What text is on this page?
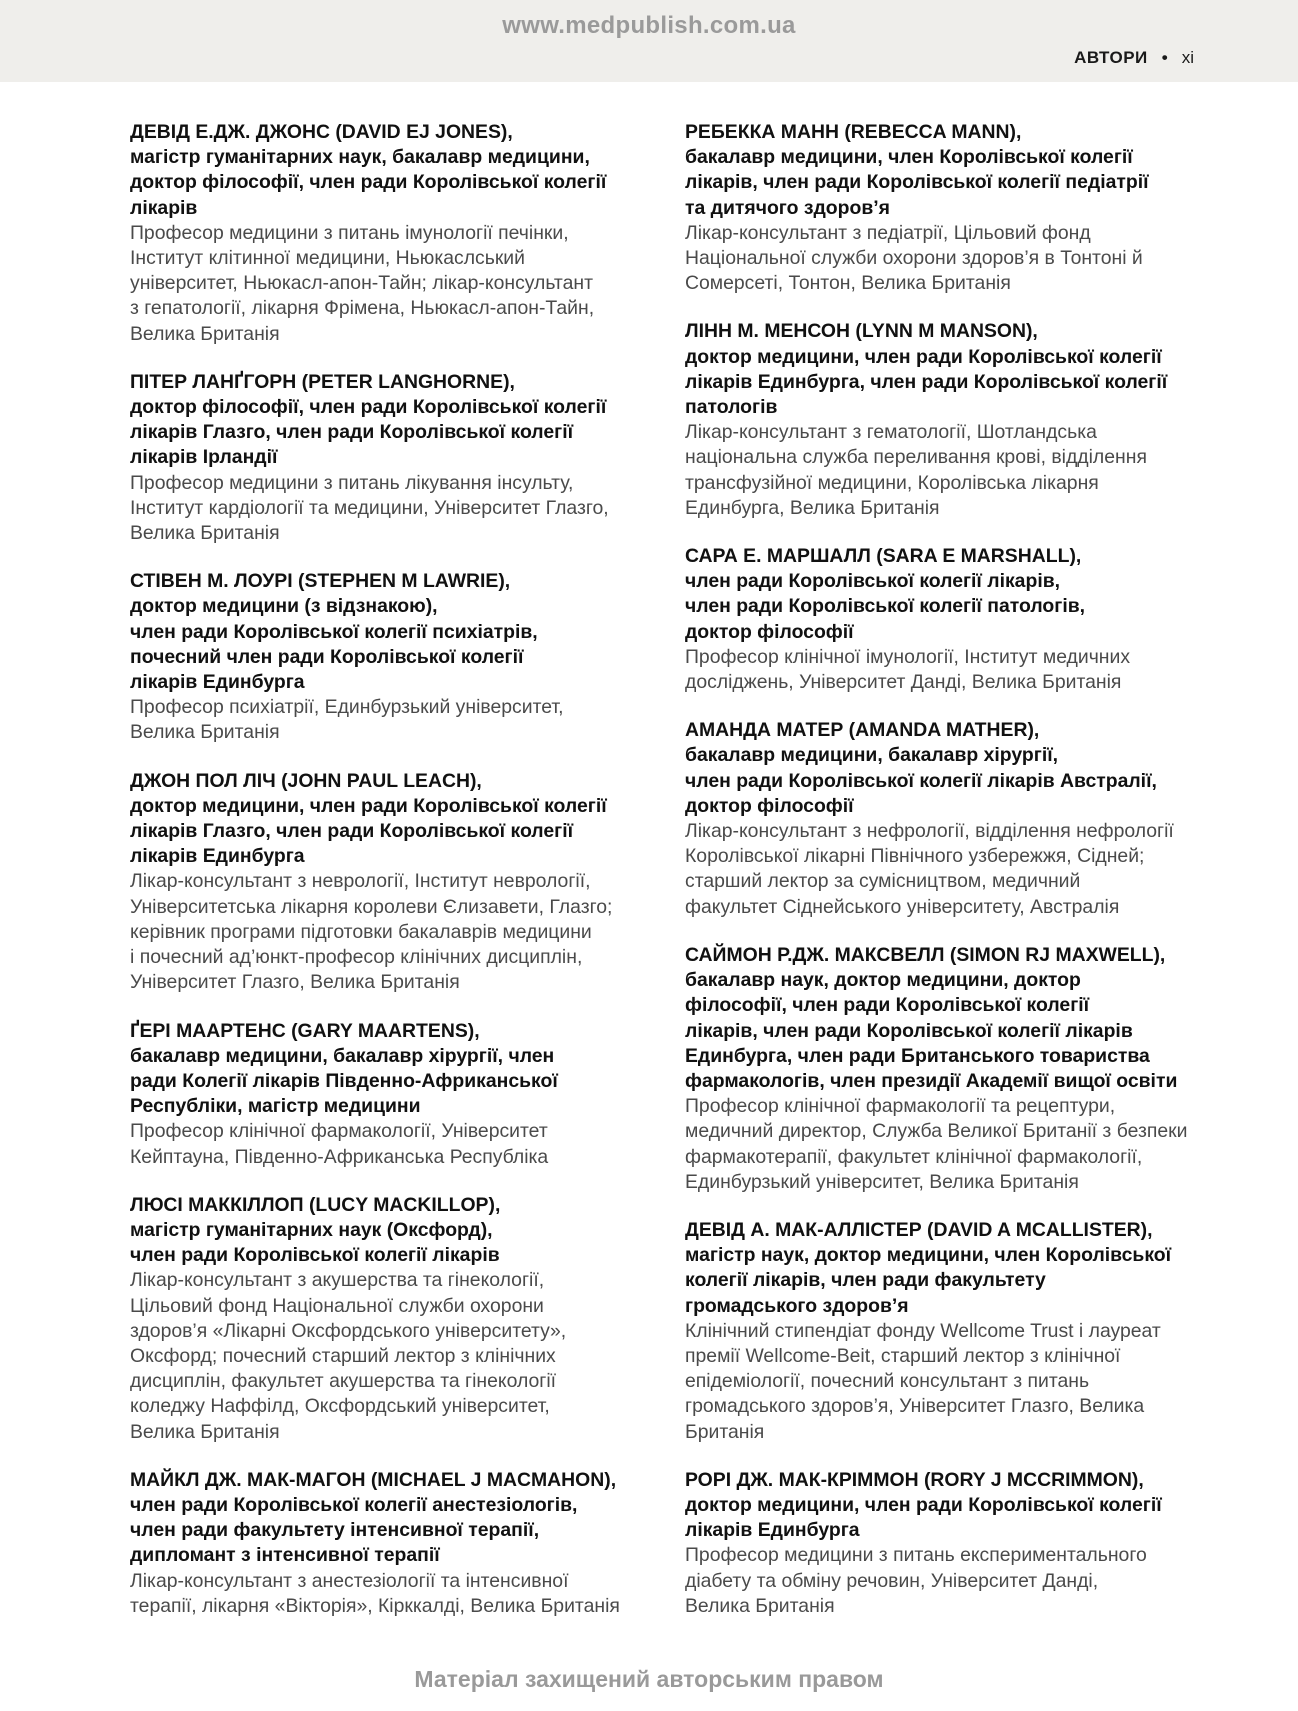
www.medpublish.com.ua
АВТОРИ • xi
ДЕВІД Е.ДЖ. ДЖОНС (DAVID EJ JONES),
магістр гуманітарних наук, бакалавр медицини,
доктор філософії, член ради Королівської колегії
лікарів
Професор медицини з питань імунології печінки,
Інститут клітинної медицини, Ньюкаслський
університет, Ньюкасл-апон-Тайн; лікар-консультант
з гепатології, лікарня Фрімена, Ньюкасл-апон-Тайн,
Велика Британія
ПІТЕР ЛАНҐГОРН (PETER LANGHORNE),
доктор філософії, член ради Королівської колегії
лікарів Глазго, член ради Королівської колегії
лікарів Ірландії
Професор медицини з питань лікування інсульту,
Інститут кардіології та медицини, Університет Глазго,
Велика Британія
СТІВЕН М. ЛОУРІ (STEPHEN M LAWRIE),
доктор медицини (з відзнакою),
член ради Королівської колегії психіатрів,
почесний член ради Королівської колегії
лікарів Единбурга
Професор психіатрії, Единбурзький університет,
Велика Британія
ДЖОН ПОЛ ЛІЧ (JOHN PAUL LEACH),
доктор медицини, член ради Королівської колегії
лікарів Глазго, член ради Королівської колегії
лікарів Единбурга
Лікар-консультант з неврології, Інститут неврології,
Університетська лікарня королеви Єлизавети, Глазго;
керівник програми підготовки бакалаврів медицини
і почесний ад’юнкт-професор клінічних дисциплін,
Університет Глазго, Велика Британія
ҐЕРІ МААРТЕНС (GARY MAARTENS),
бакалавр медицини, бакалавр хірургії, член
ради Колегії лікарів Південно-Африканської
Республіки, магістр медицини
Професор клінічної фармакології, Університет
Кейптауна, Південно-Африканська Республіка
ЛЮСІ МАККІЛЛОП (LUCY MACKILLOP),
магістр гуманітарних наук (Оксфорд),
член ради Королівської колегії лікарів
Лікар-консультант з акушерства та гінекології,
Цільовий фонд Національної служби охорони
здоров’я «Лікарні Оксфордського університету»,
Оксфорд; почесний старший лектор з клінічних
дисциплін, факультет акушерства та гінекології
коледжу Наффілд, Оксфордський університет,
Велика Британія
МАЙКЛ ДЖ. МАК-МАГОН (MICHAEL J MACMAHON),
член ради Королівської колегії анестезіологів,
член ради факультету інтенсивної терапії,
дипломант з інтенсивної терапії
Лікар-консультант з анестезіології та інтенсивної
терапії, лікарня «Вікторія», Кірккалді, Велика Британія
РЕБЕККА МАНН (REBECCA MANN),
бакалавр медицини, член Королівської колегії
лікарів, член ради Королівської колегії педіатрії
та дитячого здоров’я
Лікар-консультант з педіатрії, Цільовий фонд
Національної служби охорони здоров’я в Тонтоні й
Сомерсеті, Тонтон, Велика Британія
ЛІНН М. МЕНСОН (LYNN M MANSON),
доктор медицини, член ради Королівської колегії
лікарів Единбурга, член ради Королівської колегії
патологів
Лікар-консультант з гематології, Шотландська
національна служба переливання крові, відділення
трансфузійної медицини, Королівська лікарня
Единбурга, Велика Британія
САРА Е. МАРШАЛЛ (SARA E MARSHALL),
член ради Королівської колегії лікарів,
член ради Королівської колегії патологів,
доктор філософії
Професор клінічної імунології, Інститут медичних
досліджень, Університет Данді, Велика Британія
АМАНДА МАТЕР (AMANDA MATHER),
бакалавр медицини, бакалавр хірургії,
член ради Королівської колегії лікарів Австралії,
доктор філософії
Лікар-консультант з нефрології, відділення нефрології
Королівської лікарні Північного узбережжя, Сідней;
старший лектор за сумісництвом, медичний
факультет Сіднейського університету, Австралія
САЙМОН Р.ДЖ. МАКСВЕЛЛ (SIMON RJ MAXWELL),
бакалавр наук, доктор медицини, доктор
філософії, член ради Королівської колегії
лікарів, член ради Королівської колегії лікарів
Единбурга, член ради Британського товариства
фармакологів, член президії Академії вищої освіти
Професор клінічної фармакології та рецептури,
медичний директор, Служба Великої Британії з безпеки
фармакотерапії, факультет клінічної фармакології,
Единбурзький університет, Велика Британія
ДЕВІД А. МАК-АЛЛІСТЕР (DAVID A MCALLISTER),
магістр наук, доктор медицини, член Королівської
колегії лікарів, член ради факультету
громадського здоров’я
Клінічний стипендіат фонду Wellcome Trust і лауреат
премії Wellcome-Beit, старший лектор з клінічної
епідеміології, почесний консультант з питань
громадського здоров’я, Університет Глазго, Велика
Британія
РОРІ ДЖ. МАК-КРІММОН (RORY J MCCRIMMON),
доктор медицини, член ради Королівської колегії
лікарів Единбурга
Професор медицини з питань експериментального
діабету та обміну речовин, Університет Данді,
Велика Британія
Матеріал захищений авторським правом
